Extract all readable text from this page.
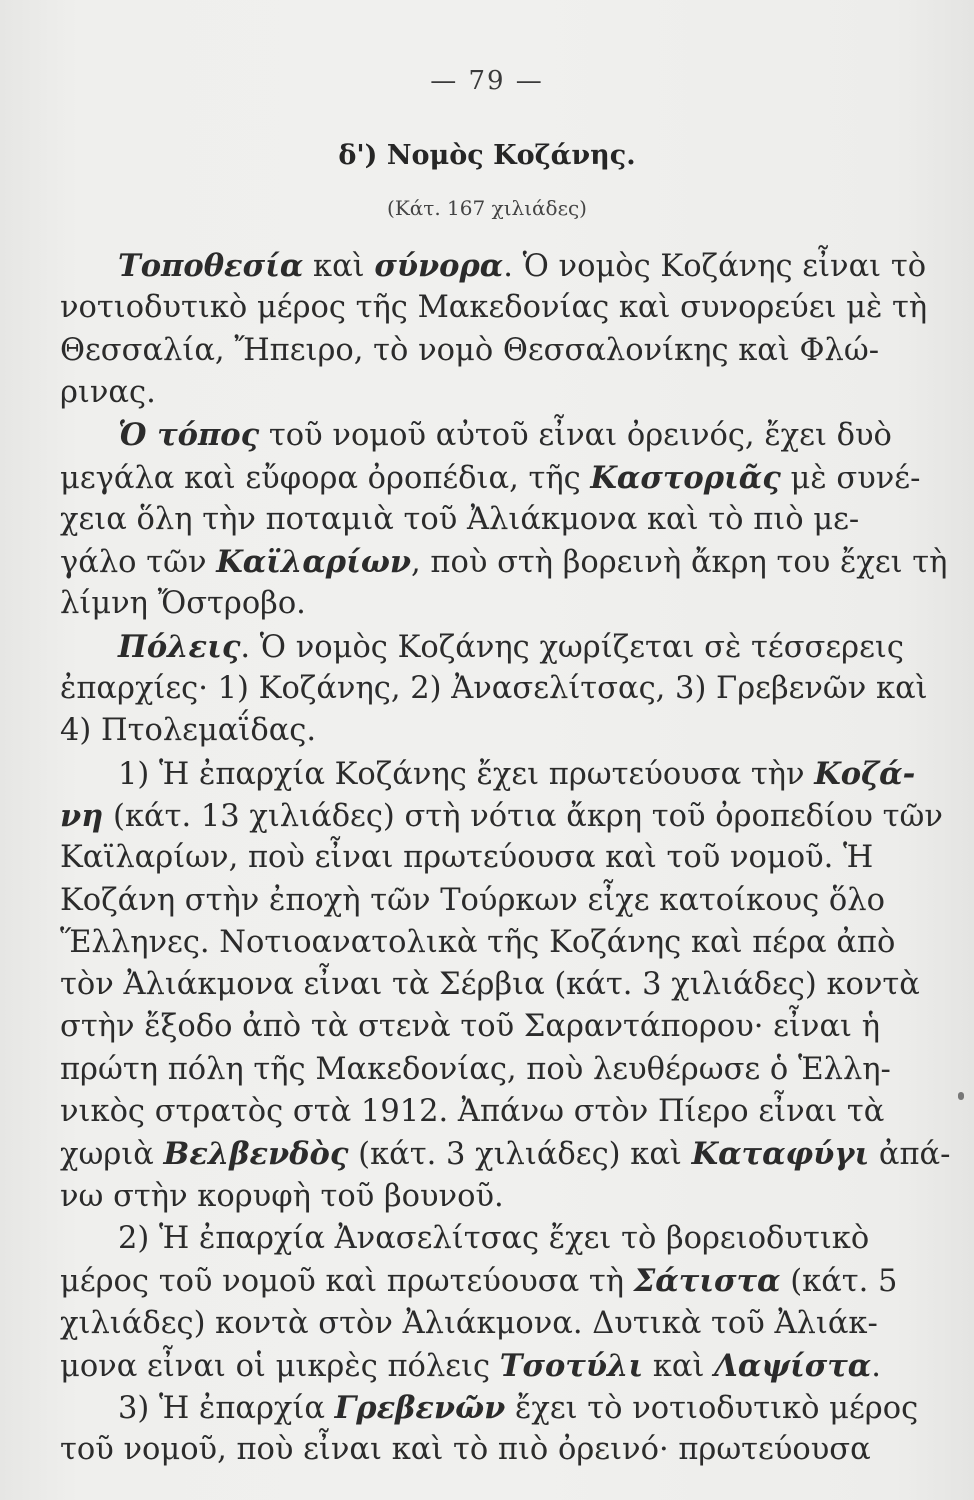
— 79 —
δ') Νομὸς Κοζάνης.
(Κάτ. 167 χιλιάδες)
Τοποθεσία καὶ σύνορα. Ὁ νομὸς Κοζάνης εἶναι τὸ
νοτιοδυτικὸ μέρος τῆς Μακεδονίας καὶ συνορεύει μὲ τὴ
Θεσσαλία, Ἤπειρο, τὸ νομὸ Θεσσαλονίκης καὶ Φλώ-
ρινας.
Ὁ τόπος τοῦ νομοῦ αὐτοῦ εἶναι ὀρεινός, ἔχει δυὸ
μεγάλα καὶ εὔφορα ὀροπέδια, τῆς Καστοριᾶς μὲ συνέ-
χεια ὅλη τὴν ποταμιὰ τοῦ Ἀλιάκμονα καὶ τὸ πιὸ με-
γάλο τῶν Καϊλαρίων, ποὺ στὴ βορεινὴ ἄκρη του ἔχει τὴ
λίμνη Ὄστροβο.
Πόλεις. Ὁ νομὸς Κοζάνης χωρίζεται σὲ τέσσερεις
ἐπαρχίες· 1) Κοζάνης, 2) Ἀνασελίτσας, 3) Γρεβενῶν καὶ
4) Πτολεμαΐδας.
1) Ἡ ἐπαρχία Κοζάνης ἔχει πρωτεύουσα τὴν Κοζά-
νη (κάτ. 13 χιλιάδες) στὴ νότια ἄκρη τοῦ ὀροπεδίου τῶν
Καϊλαρίων, ποὺ εἶναι πρωτεύουσα καὶ τοῦ νομοῦ. Ἡ
Κοζάνη στὴν ἐποχὴ τῶν Τούρκων εἶχε κατοίκους ὅλο
Ἕλληνες. Νοτιοανατολικὰ τῆς Κοζάνης καὶ πέρα ἀπὸ
τὸν Ἀλιάκμονα εἶναι τὰ Σέρβια (κάτ. 3 χιλιάδες) κοντὰ
στὴν ἔξοδο ἀπὸ τὰ στενὰ τοῦ Σαραντάπορου· εἶναι ἡ
πρώτη πόλη τῆς Μακεδονίας, ποὺ λευθέρωσε ὁ Ἑλλη-
νικὸς στρατὸς στὰ 1912. Ἀπάνω στὸν Πίερο εἶναι τὰ
χωριὰ Βελβενδὸς (κάτ. 3 χιλιάδες) καὶ Καταφύγι ἀπά-
νω στὴν κορυφὴ τοῦ βουνοῦ.
2) Ἡ ἐπαρχία Ἀνασελίτσας ἔχει τὸ βορειοδυτικὸ
μέρος τοῦ νομοῦ καὶ πρωτεύουσα τὴ Σάτιστα (κάτ. 5
χιλιάδες) κοντὰ στὸν Ἀλιάκμονα. Δυτικὰ τοῦ Ἀλιάκ-
μονα εἶναι οἱ μικρὲς πόλεις Τσοτύλι καὶ Λαψίστα.
3) Ἡ ἐπαρχία Γρεβενῶν ἔχει τὸ νοτιοδυτικὸ μέρος
τοῦ νομοῦ, ποὺ εἶναι καὶ τὸ πιὸ ὀρεινό· πρωτεύουσα
